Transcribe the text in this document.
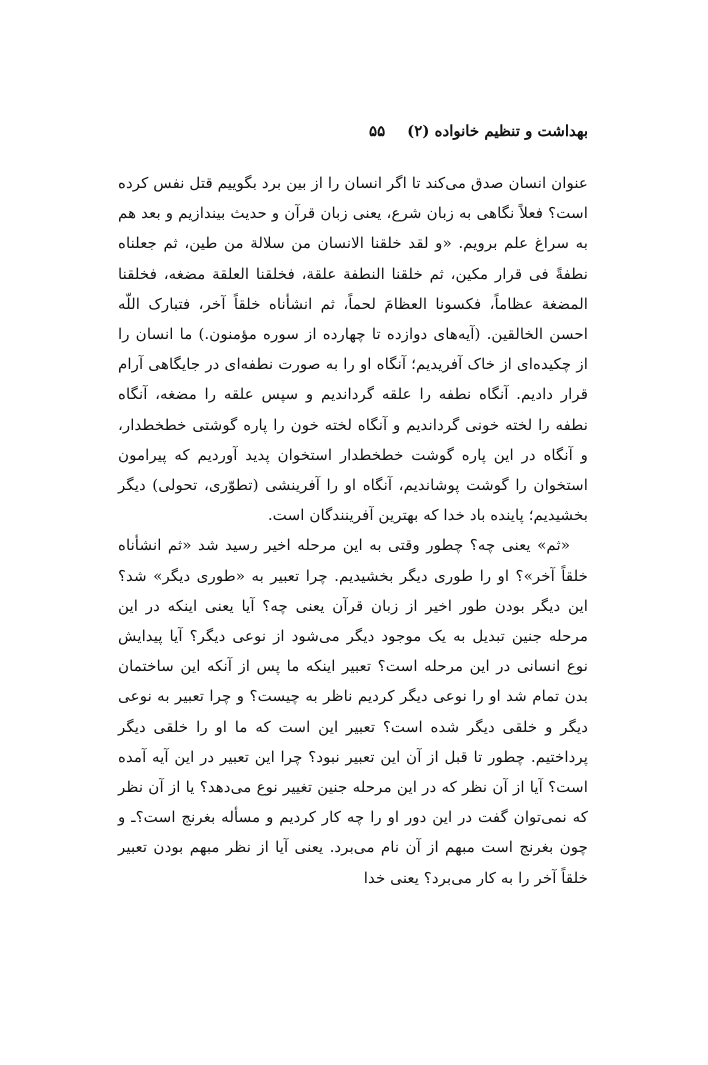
بهداشت و تنظیم خانواده (۲)
۵۵

عنوان انسان صدق می‌کند تا اگر انسان را از بین برد بگوییم قتل نفس کرده است؟ فعلاً نگاهی به زبان شرع، یعنی زبان قرآن و حدیث بیندازیم و بعد هم به سراغ علم برویم. «و لقد خلقنا الانسان من سلالة من طین، ثم جعلناه نطفةً فی قرار مکین، ثم خلقنا النطفة علقة، فخلقنا العلقة مضغه، فخلقنا المضغة عظاماً، فکسونا العظامَ لحماً، ثم انشأناه خلقاً آخر، فتبارک اللّه احسن الخالقین. (آیه‌های دوازده تا چهارده از سوره مؤمنون.) ما انسان را از چکیده‌ای از خاک آفریدیم؛ آنگاه او را به صورت نطفه‌ای در جایگاهی آرام قرار دادیم. آنگاه نطفه را علقه گرداندیم و سپس علقه را مضغه، آنگاه نطفه را لخته خونی گرداندیم و آنگاه لخته خون را پاره گوشتی خطخطدار، و آنگاه در این پاره گوشت خطخطدار استخوان پدید آوردیم که پیرامون استخوان را گوشت پوشاندیم، آنگاه او را آفرینشی (تطوّری، تحولی) دیگر بخشیدیم؛ پاینده باد خدا که بهترین آفرینندگان است.

«ثم» یعنی چه؟ چطور وقتی به این مرحله اخیر رسید شد «ثم انشأناه خلقاً آخر»؟ او را طوری دیگر بخشیدیم. چرا تعبیر به «طوری دیگر» شد؟ این دیگر بودن طور اخیر از زبان قرآن یعنی چه؟ آیا یعنی اینکه در این مرحله جنین تبدیل به یک موجود دیگر می‌شود از نوعی دیگر؟ آیا پیدایش نوع انسانی در این مرحله است؟ تعبیر اینکه ما پس از آنکه این ساختمان بدن تمام شد او را نوعی دیگر کردیم ناظر به چیست؟ و چرا تعبیر به نوعی دیگر و خلقی دیگر شده است؟ تعبیر این است که ما او را خلقی دیگر پرداختیم. چطور تا قبل از آن این تعبیر نبود؟ چرا این تعبیر در این آیه آمده است؟ آیا از آن نظر که در این مرحله جنین تغییر نوع می‌دهد؟ یا از آن نظر که نمی‌توان گفت در این دور او را چه کار کردیم و مسأله بغرنج است؟ـ و چون بغرنج است مبهم از آن نام می‌برد. یعنی آیا از نظر مبهم بودن تعبیر خلقاً آخر را به کار می‌برد؟ یعنی خدا
